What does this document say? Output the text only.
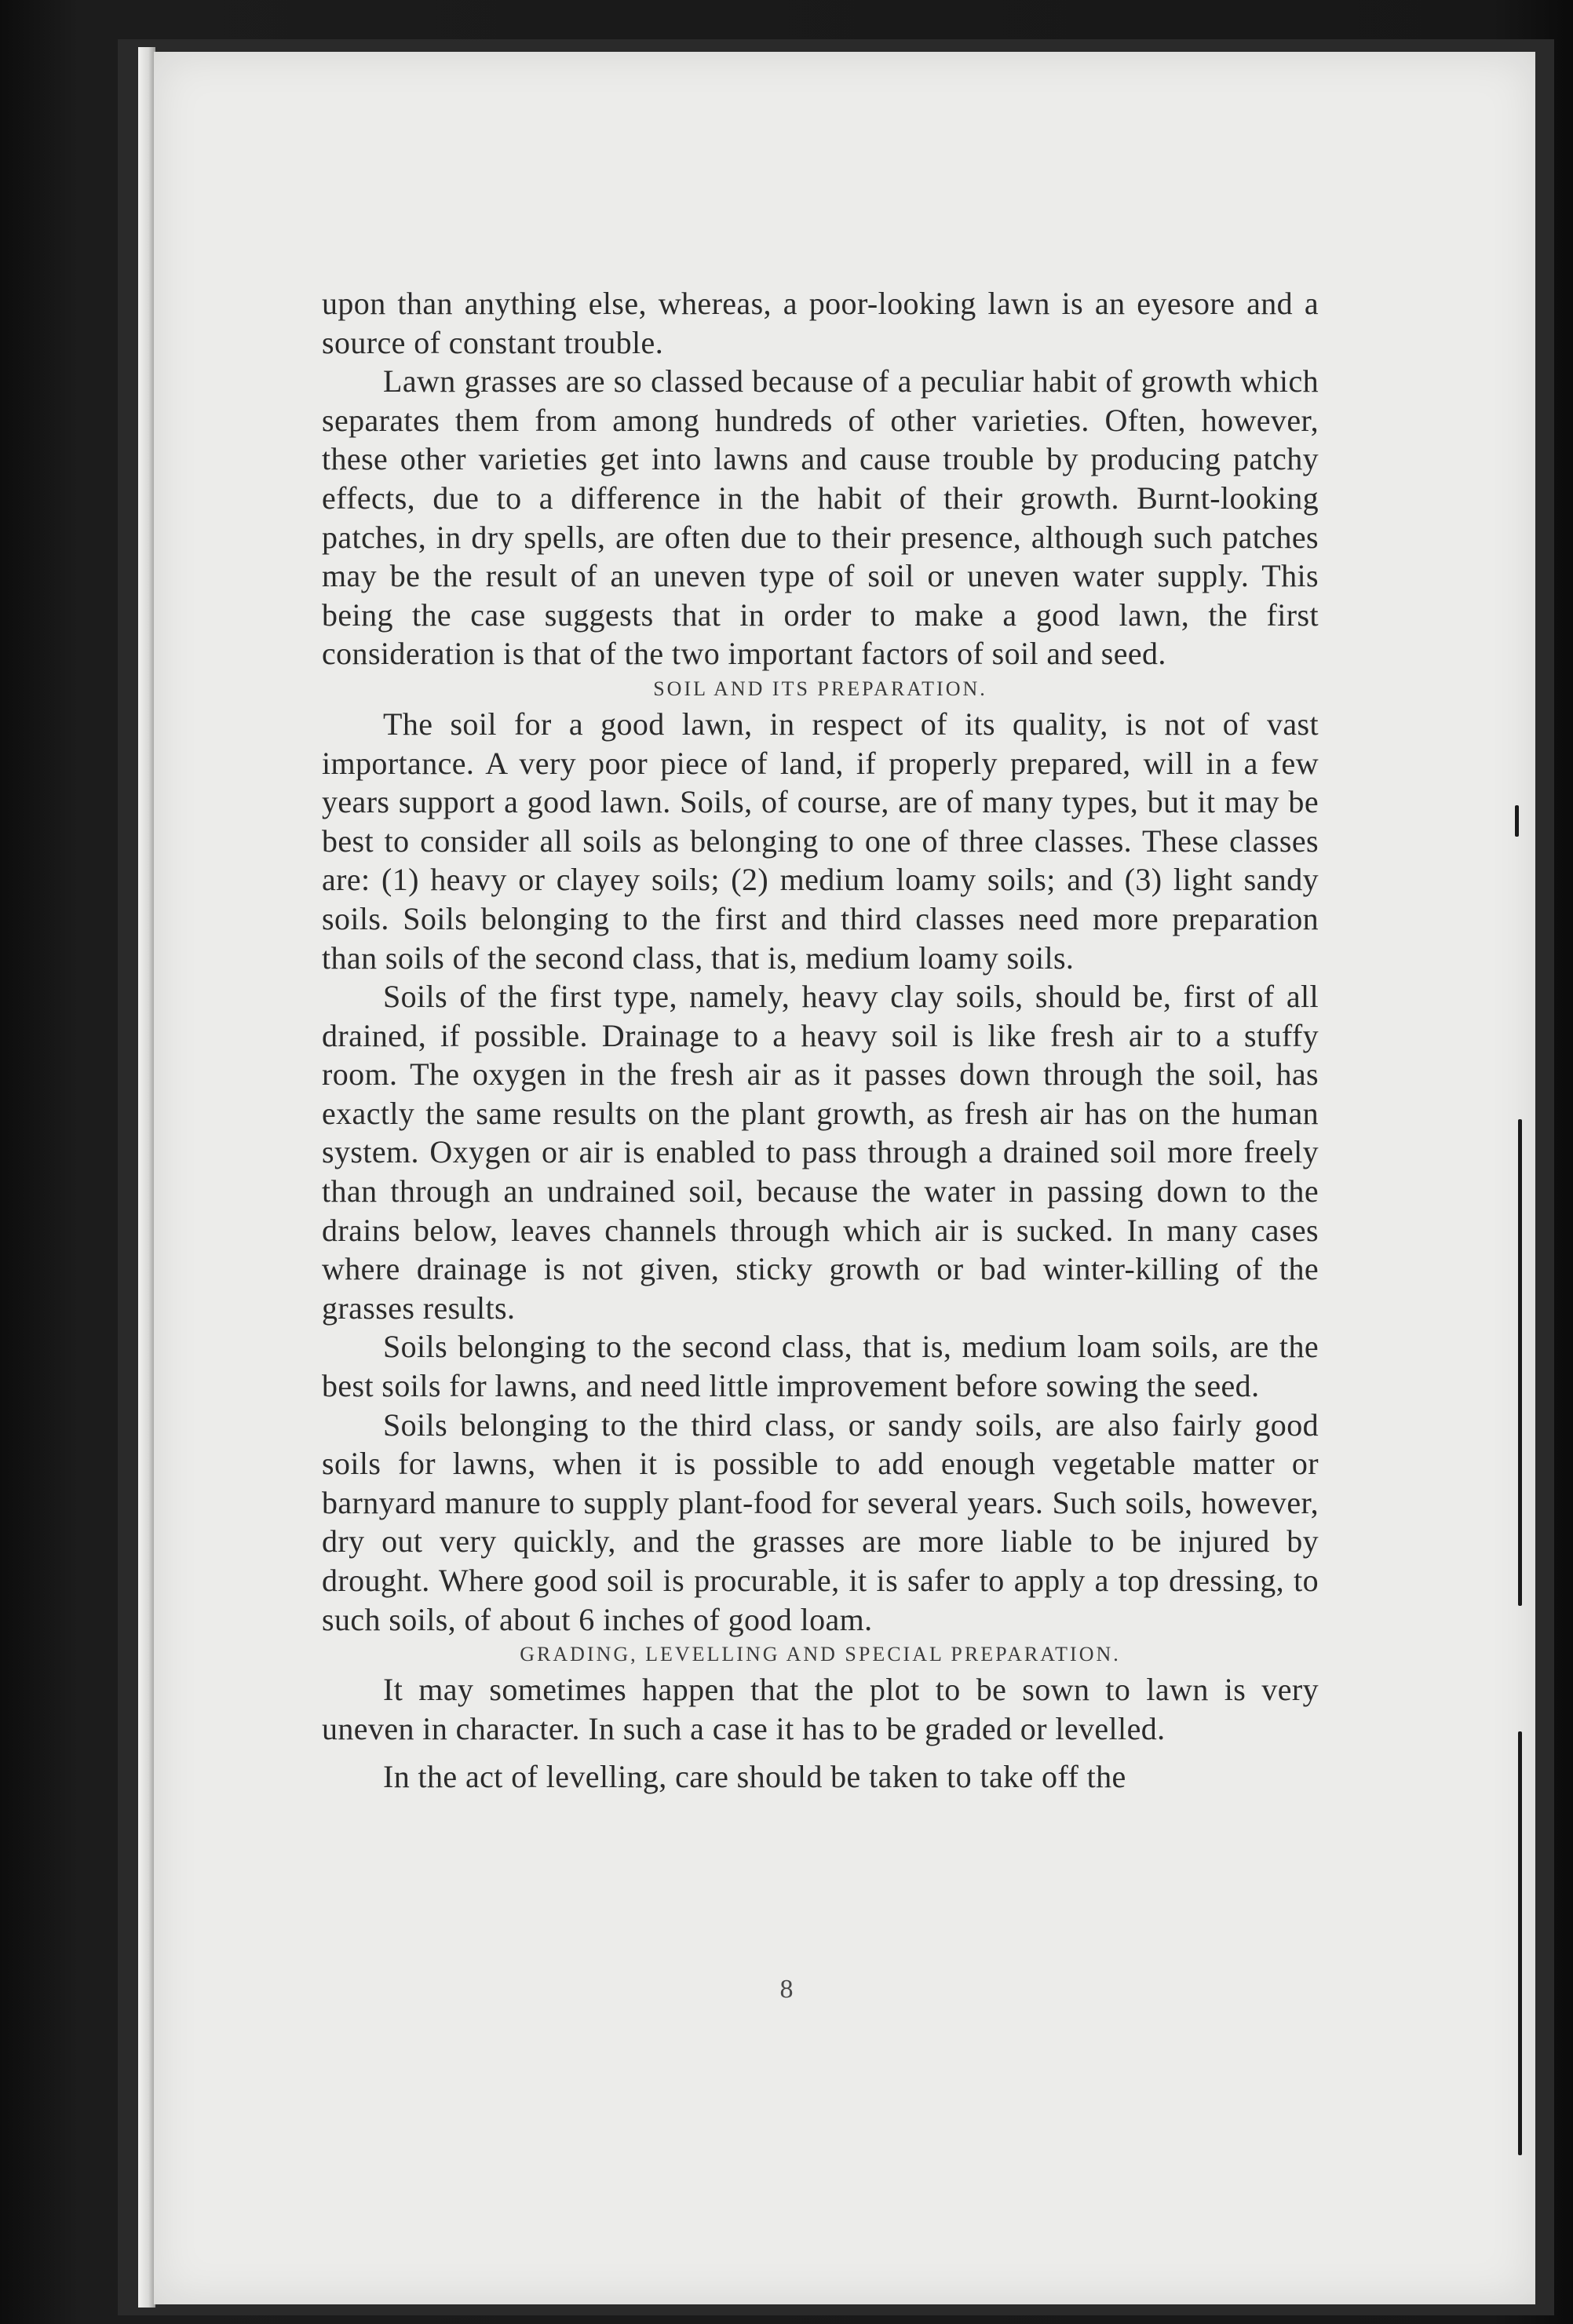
upon than anything else, whereas, a poor-looking lawn is an eyesore and a source of constant trouble.

Lawn grasses are so classed because of a peculiar habit of growth which separates them from among hundreds of other varieties. Often, however, these other varieties get into lawns and cause trouble by producing patchy effects, due to a difference in the habit of their growth. Burnt-looking patches, in dry spells, are often due to their presence, although such patches may be the result of an uneven type of soil or uneven water supply. This being the case suggests that in order to make a good lawn, the first consideration is that of the two important factors of soil and seed.

SOIL AND ITS PREPARATION.

The soil for a good lawn, in respect of its quality, is not of vast importance. A very poor piece of land, if properly prepared, will in a few years support a good lawn. Soils, of course, are of many types, but it may be best to consider all soils as belonging to one of three classes. These classes are: (1) heavy or clayey soils; (2) medium loamy soils; and (3) light sandy soils. Soils belonging to the first and third classes need more preparation than soils of the second class, that is, medium loamy soils.

Soils of the first type, namely, heavy clay soils, should be, first of all drained, if possible. Drainage to a heavy soil is like fresh air to a stuffy room. The oxygen in the fresh air as it passes down through the soil, has exactly the same results on the plant growth, as fresh air has on the human system. Oxygen or air is enabled to pass through a drained soil more freely than through an undrained soil, because the water in passing down to the drains below, leaves channels through which air is sucked. In many cases where drainage is not given, sticky growth or bad winter-killing of the grasses results.

Soils belonging to the second class, that is, medium loam soils, are the best soils for lawns, and need little improvement before sowing the seed.

Soils belonging to the third class, or sandy soils, are also fairly good soils for lawns, when it is possible to add enough vegetable matter or barnyard manure to supply plant-food for several years. Such soils, however, dry out very quickly, and the grasses are more liable to be injured by drought. Where good soil is procurable, it is safer to apply a top dressing, to such soils, of about 6 inches of good loam.

GRADING, LEVELLING AND SPECIAL PREPARATION.

It may sometimes happen that the plot to be sown to lawn is very uneven in character. In such a case it has to be graded or levelled.

In the act of levelling, care should be taken to take off the

8
